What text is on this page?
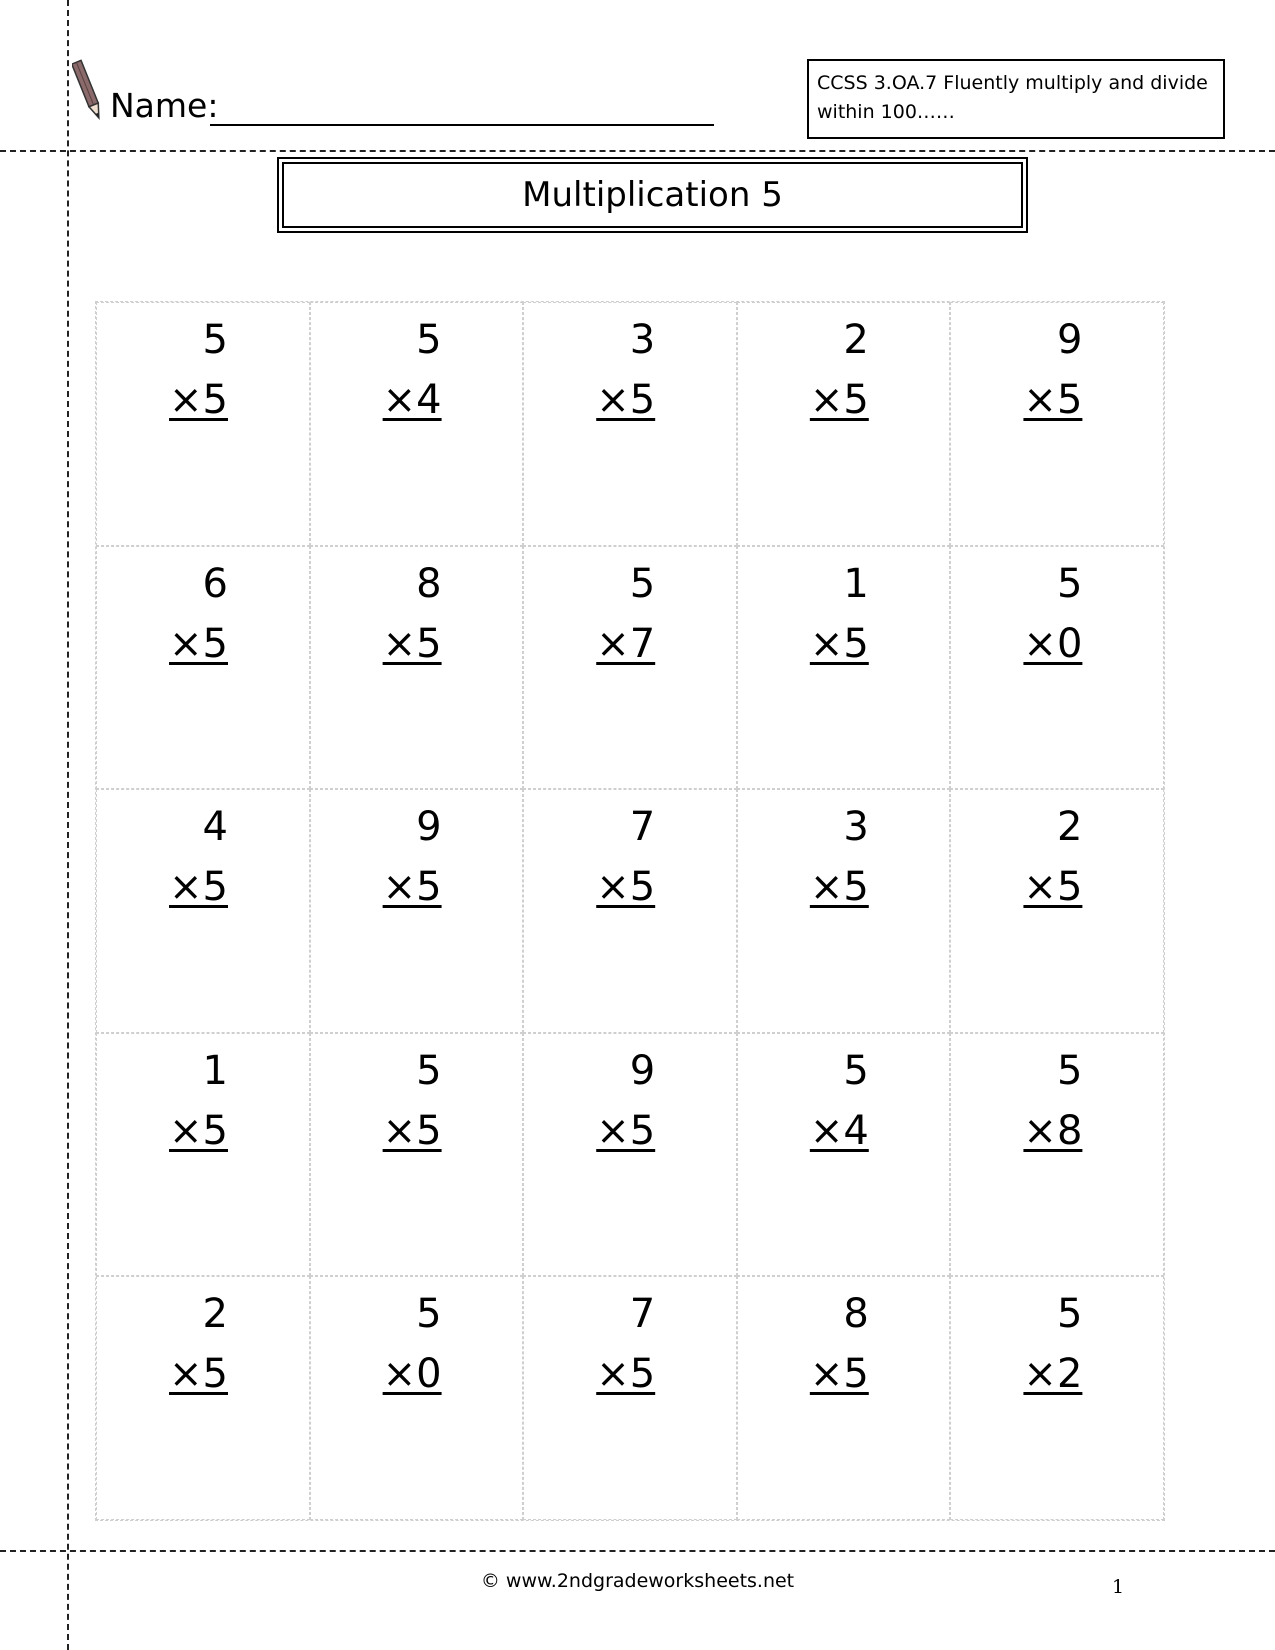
Name:
CCSS 3.OA.7 Fluently multiply and divide
within 100……
Multiplication 5
5
×5
5
×4
3
×5
2
×5
9
×5
6
×5
8
×5
5
×7
1
×5
5
×0
4
×5
9
×5
7
×5
3
×5
2
×5
1
×5
5
×5
9
×5
5
×4
5
×8
2
×5
5
×0
7
×5
8
×5
5
×2
© www.2ndgradeworksheets.net	1
